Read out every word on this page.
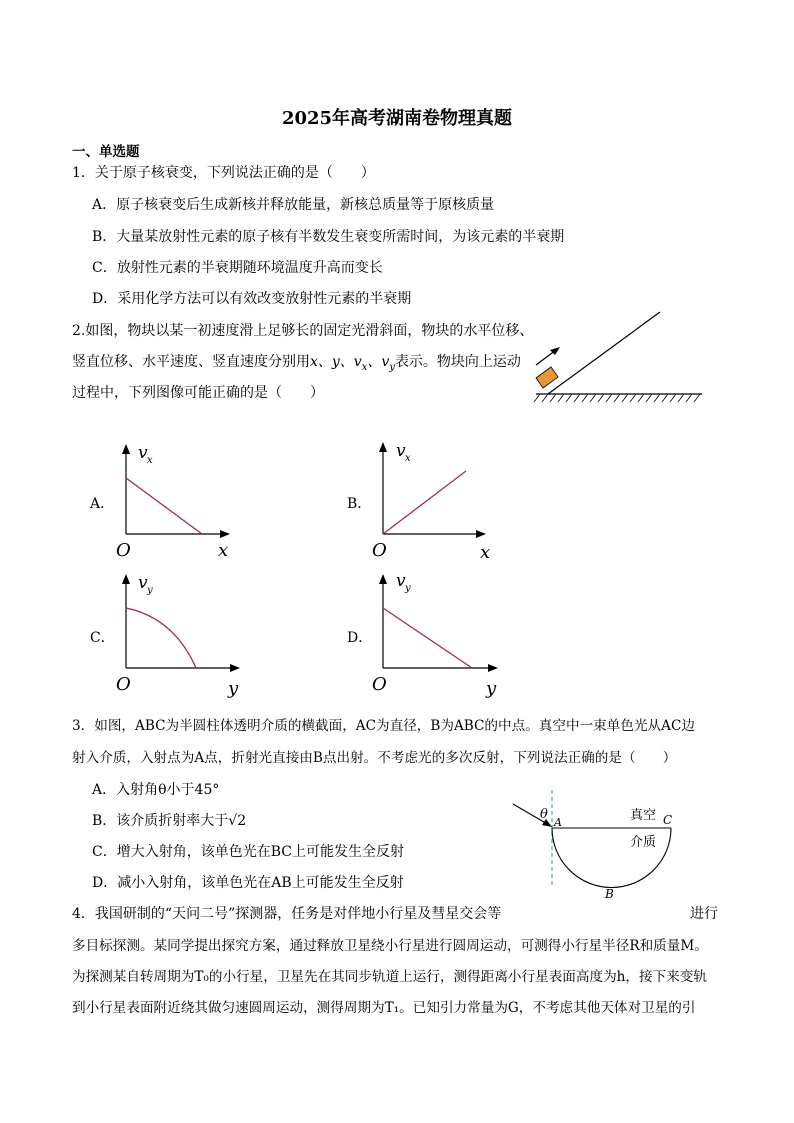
2025年高考湖南卷物理真题
一、单选题
1．关于原子核衰变，下列说法正确的是（　　）
A．原子核衰变后生成新核并释放能量，新核总质量等于原核质量
B．大量某放射性元素的原子核有半数发生衰变所需时间，为该元素的半衰期
C．放射性元素的半衰期随环境温度升高而变长
D．采用化学方法可以有效改变放射性元素的半衰期
2.如图，物块以某一初速度滑上足够长的固定光滑斜面，物块的水平位移、
竖直位移、水平速度、竖直速度分别用x、y、$v_x$、$v_y$表示。物块向上运动
过程中，下列图像可能正确的是（　　）
A．
v x
O	x
B．
v x
O	x
C．
v y
O	y
D．
v y
O	y
3．如图，ABC为半圆柱体透明介质的横截面，AC为直径，B为ABC的中点。真空中一束单色光从AC边
射入介质，入射点为A点，折射光直接由B点出射。不考虑光的多次反射，下列说法正确的是（　　）
A．入射角θ小于45°
B．该介质折射率大于√2
C．增大入射角，该单色光在BC上可能发生全反射
D．减小入射角，该单色光在AB上可能发生全反射
θ
A	C
B
真空
介质
4．我国研制的“天问二号”探测器，任务是对伴地小行星及彗星交会等	进行
多目标探测。某同学提出探究方案，通过释放卫星绕小行星进行圆周运动，可测得小行星半径R和质量M。
为探测某自转周期为T₀的小行星，卫星先在其同步轨道上运行，测得距离小行星表面高度为h，接下来变轨
到小行星表面附近绕其做匀速圆周运动，测得周期为T₁。已知引力常量为G，不考虑其他天体对卫星的引
